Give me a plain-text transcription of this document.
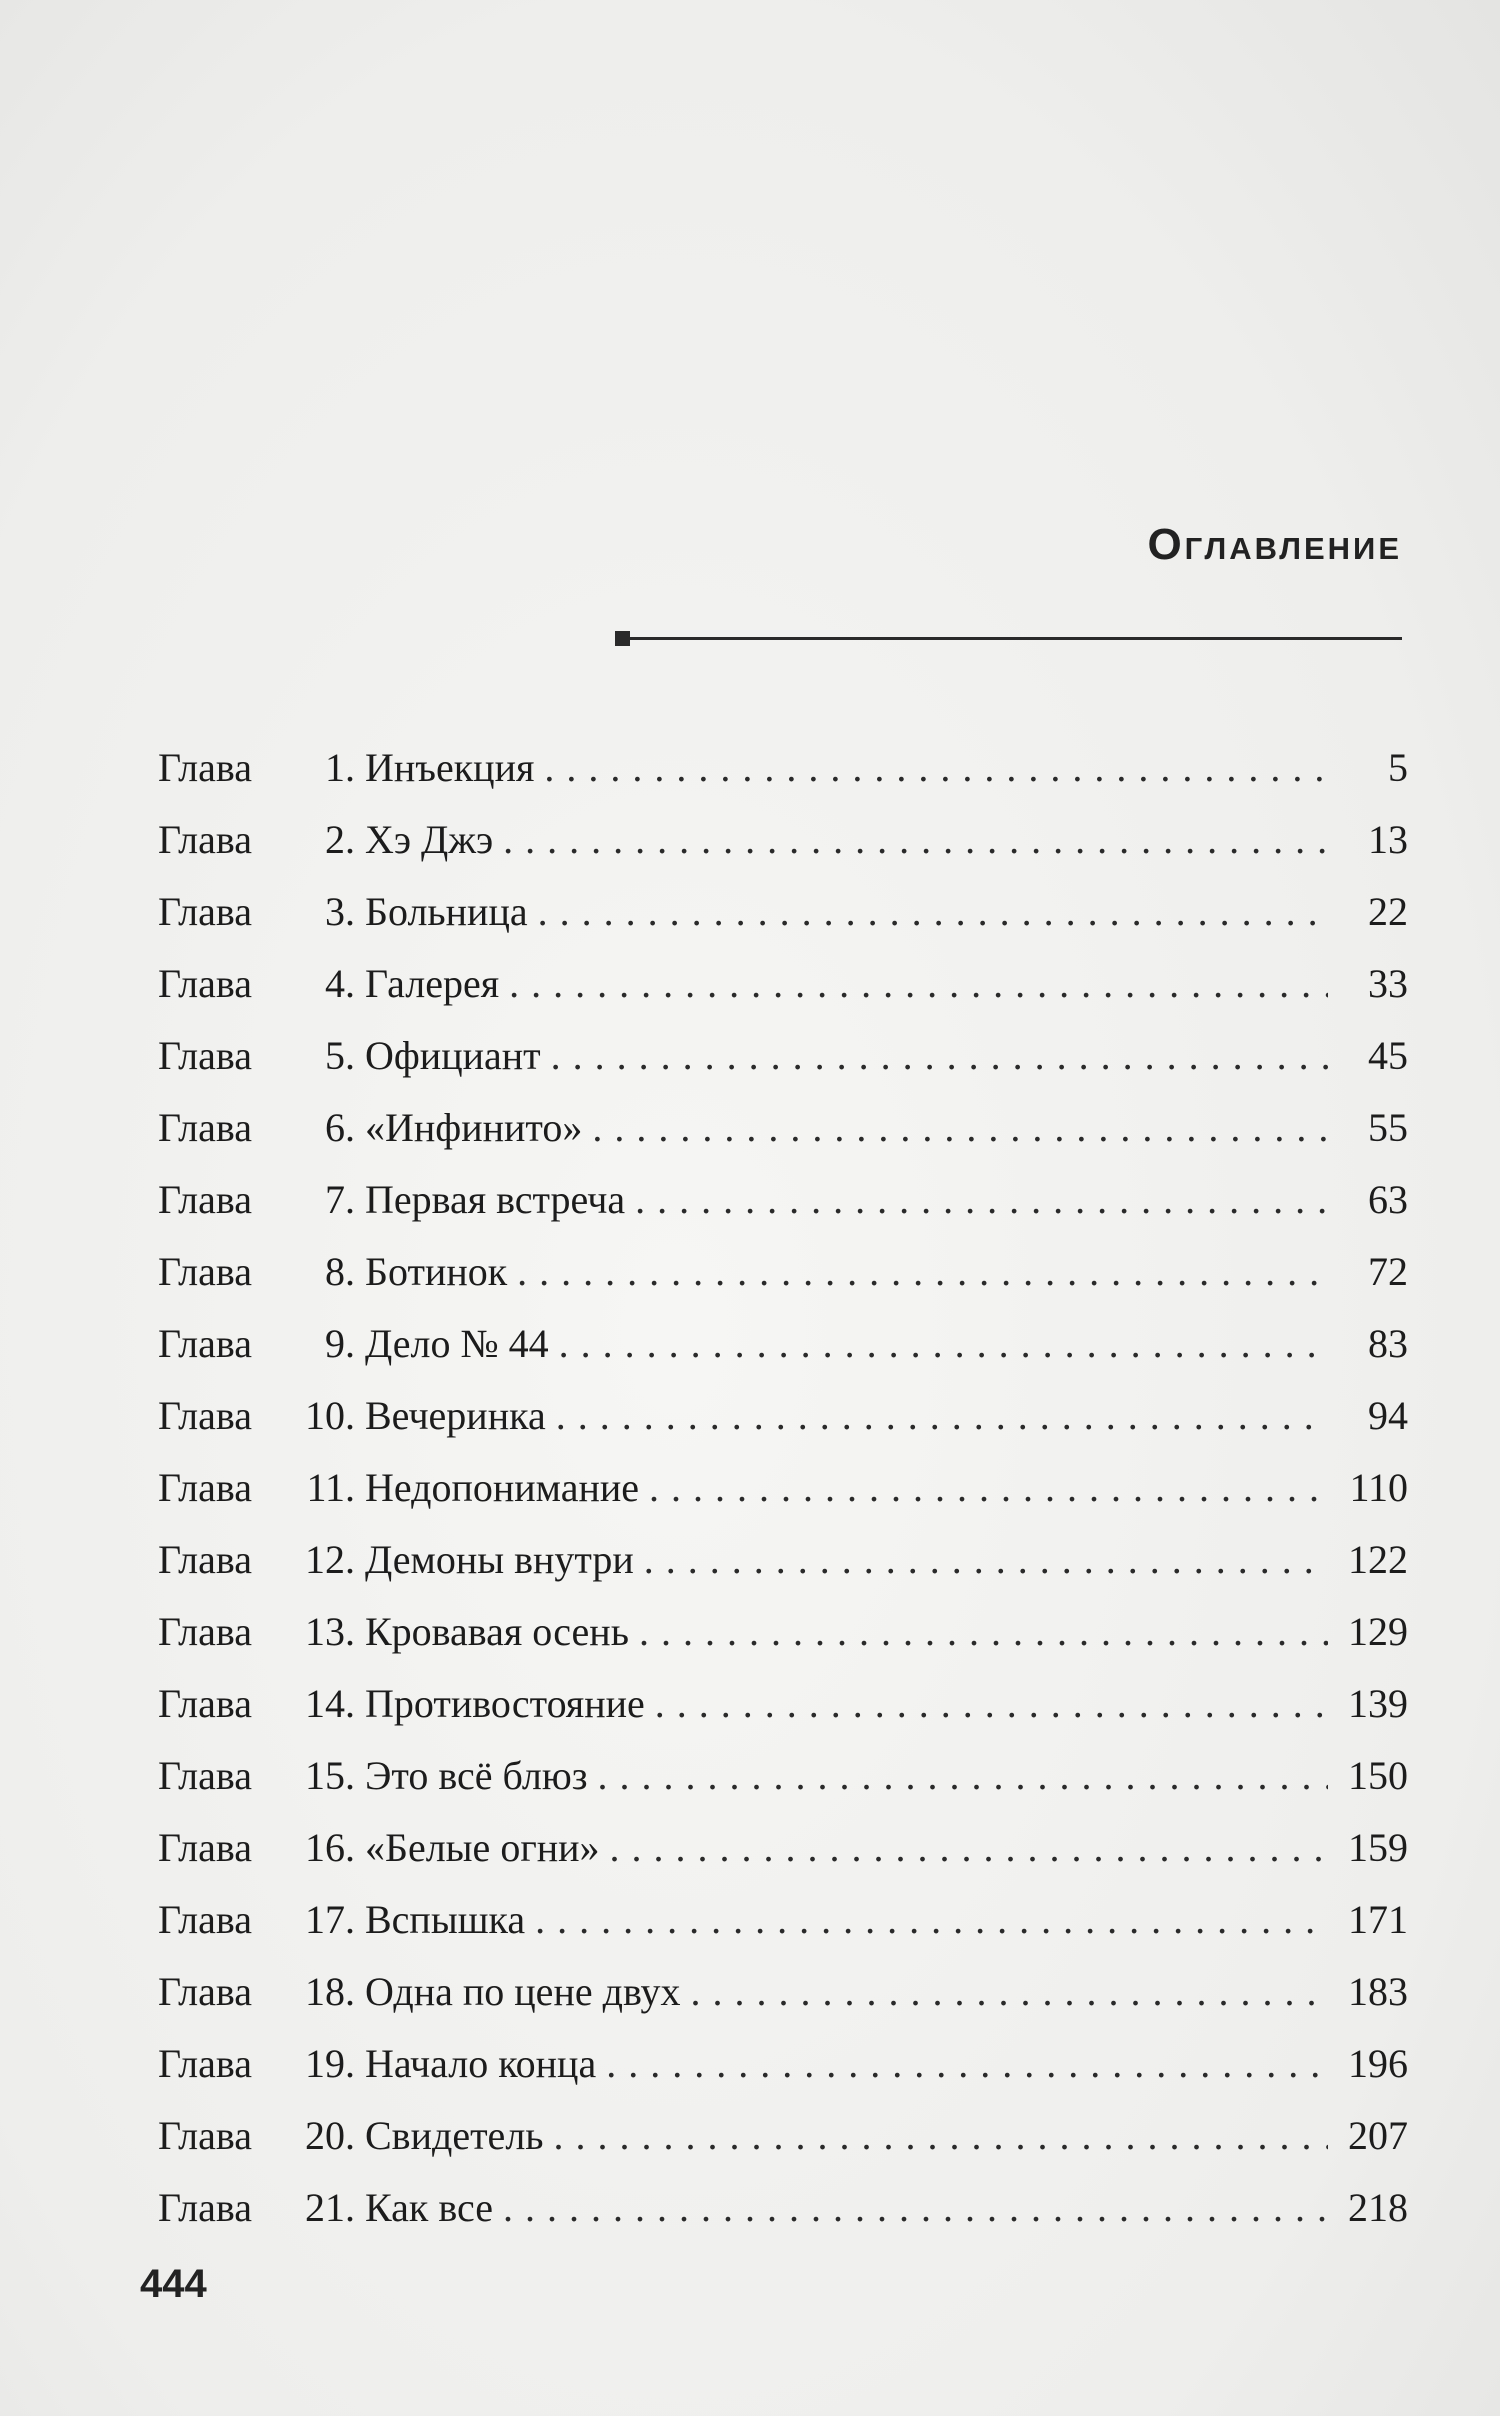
Оглавление
Глава	1. Инъекция . . .	5
Глава	2. Хэ Джэ . . .	13
Глава	3. Больница . . .	22
Глава	4. Галерея . . .	33
Глава	5. Официант . . .	45
Глава	6. «Инфинито» . . .	55
Глава	7. Первая встреча . . .	63
Глава	8. Ботинок . . .	72
Глава	9. Дело № 44 . . .	83
Глава	10. Вечеринка . . .	94
Глава	11. Недопонимание . . .	110
Глава	12. Демоны внутри . . .	122
Глава	13. Кровавая осень . . .	129
Глава	14. Противостояние . . .	139
Глава	15. Это всё блюз . . .	150
Глава	16. «Белые огни» . . .	159
Глава	17. Вспышка . . .	171
Глава	18. Одна по цене двух . . .	183
Глава	19. Начало конца . . .	196
Глава	20. Свидетель . . .	207
Глава	21. Как все . . .	218
444
